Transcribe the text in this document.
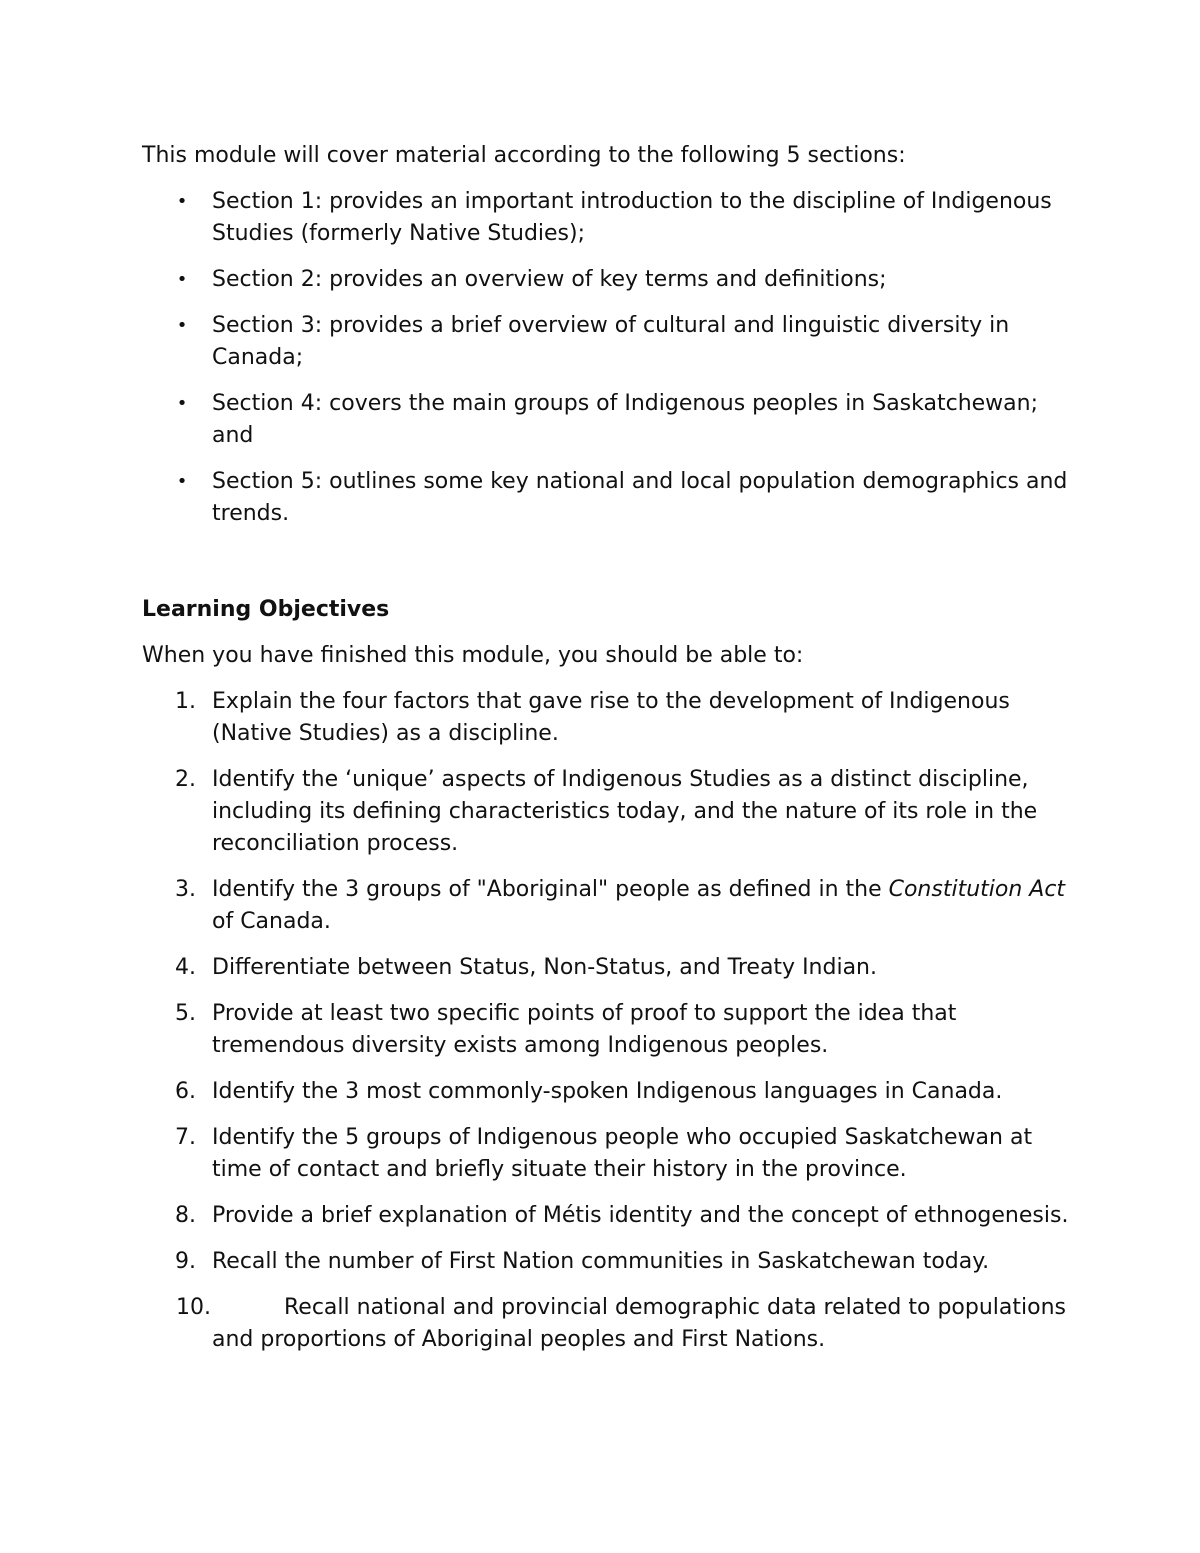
This module will cover material according to the following 5 sections:

• Section 1: provides an important introduction to the discipline of Indigenous Studies (formerly Native Studies);
• Section 2: provides an overview of key terms and definitions;
• Section 3: provides a brief overview of cultural and linguistic diversity in Canada;
• Section 4: covers the main groups of Indigenous peoples in Saskatchewan; and
• Section 5: outlines some key national and local population demographics and trends.
Learning Objectives

When you have finished this module, you should be able to:

1. Explain the four factors that gave rise to the development of Indigenous (Native Studies) as a discipline.
2. Identify the ‘unique’ aspects of Indigenous Studies as a distinct discipline, including its defining characteristics today, and the nature of its role in the reconciliation process.
3. Identify the 3 groups of "Aboriginal" people as defined in the Constitution Act of Canada.
4. Differentiate between Status, Non-Status, and Treaty Indian.
5. Provide at least two specific points of proof to support the idea that tremendous diversity exists among Indigenous peoples.
6. Identify the 3 most commonly-spoken Indigenous languages in Canada.
7. Identify the 5 groups of Indigenous people who occupied Saskatchewan at time of contact and briefly situate their history in the province.
8. Provide a brief explanation of Métis identity and the concept of ethnogenesis.
9. Recall the number of First Nation communities in Saskatchewan today.
10.	Recall national and provincial demographic data related to populations and proportions of Aboriginal peoples and First Nations.
